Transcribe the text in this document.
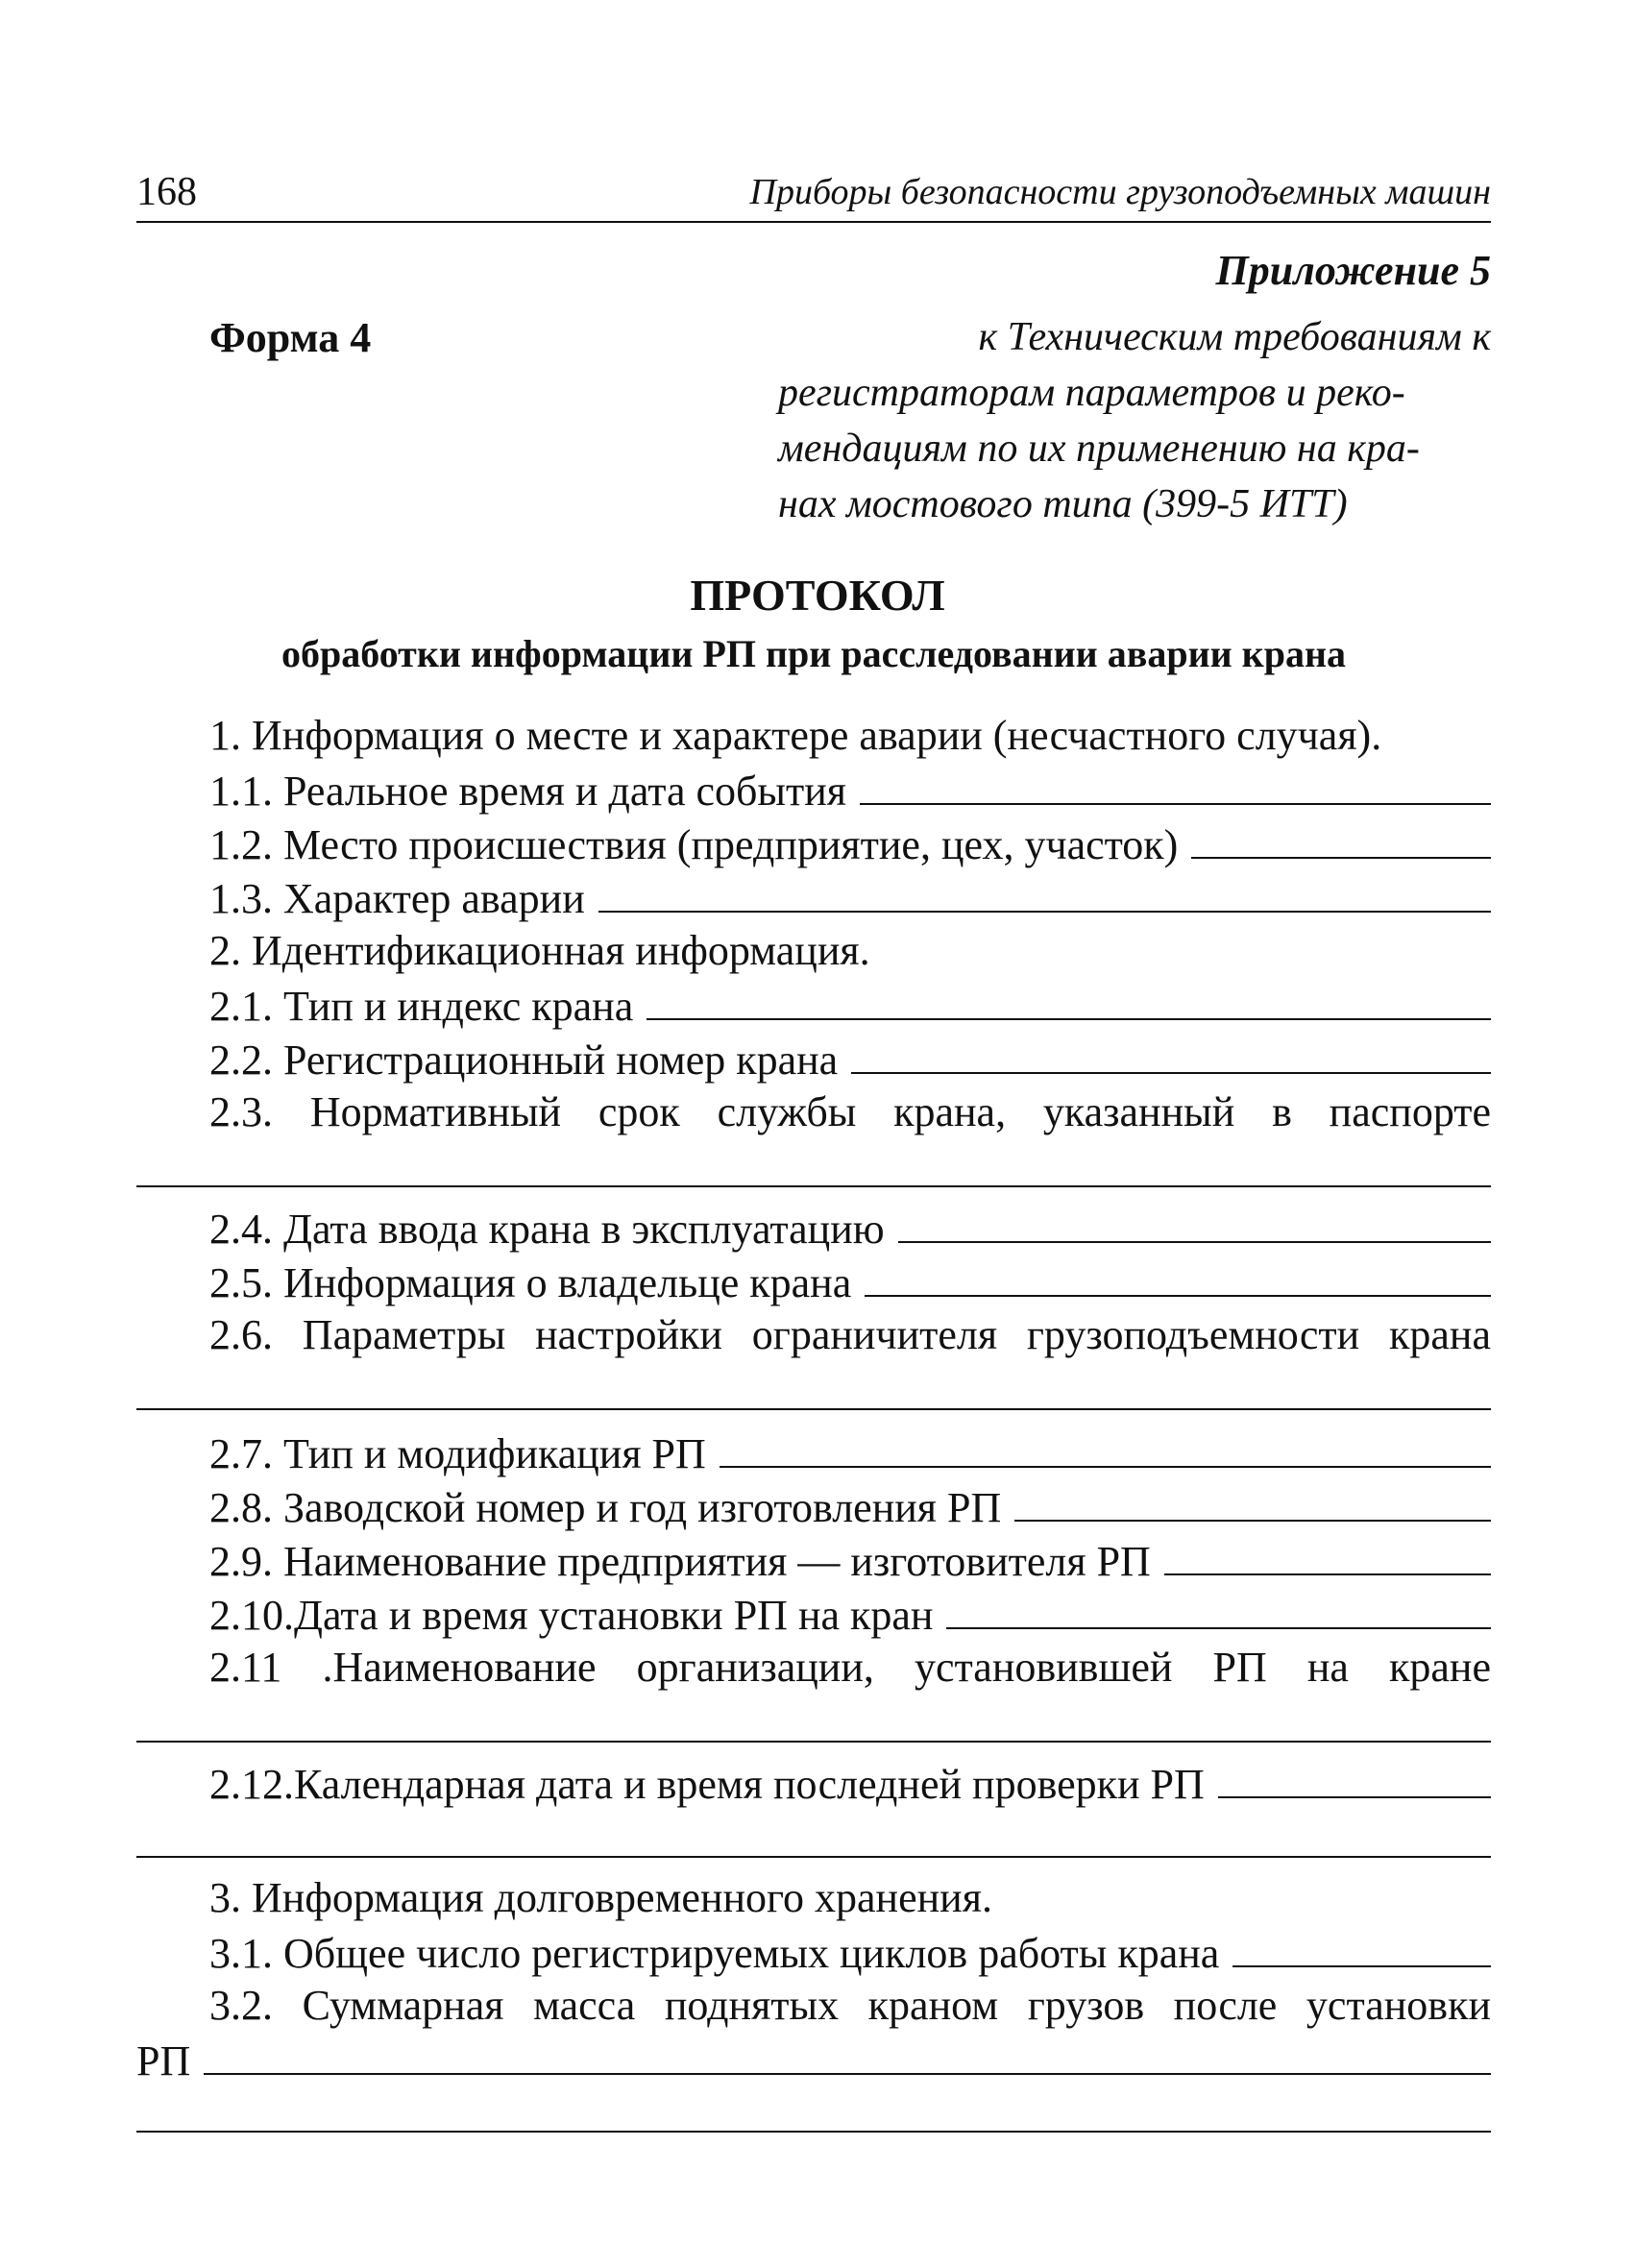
168	Приборы безопасности грузоподъемных машин
Приложение 5
Форма 4	к Техническим требованиям к
регистраторам параметров и реко-
мендациям по их применению на кра-
нах мостового типа (399-5 ИТТ)
ПРОТОКОЛ
обработки информации РП при расследовании аварии крана
1. Информация о месте и характере аварии (несчастного случая).
1.1. Реальное время и дата события
1.2. Место происшествия (предприятие, цех, участок)
1.3. Характер аварии
2. Идентификационная информация.
2.1. Тип и индекс крана
2.2. Регистрационный номер крана
2.3. Нормативный срок службы крана, указанный в паспорте
2.4. Дата ввода крана в эксплуатацию
2.5. Информация о владельце крана
2.6. Параметры настройки ограничителя грузоподъемности крана
2.7. Тип и модификация РП
2.8. Заводской номер и год изготовления РП
2.9. Наименование предприятия — изготовителя РП
2.10.Дата и время установки РП на кран
2.11 .Наименование организации, установившей РП на кране
2.12.Календарная дата и время последней проверки РП
3. Информация долговременного хранения.
3.1. Общее число регистрируемых циклов работы крана
3.2. Суммарная масса поднятых краном грузов после установки
РП
